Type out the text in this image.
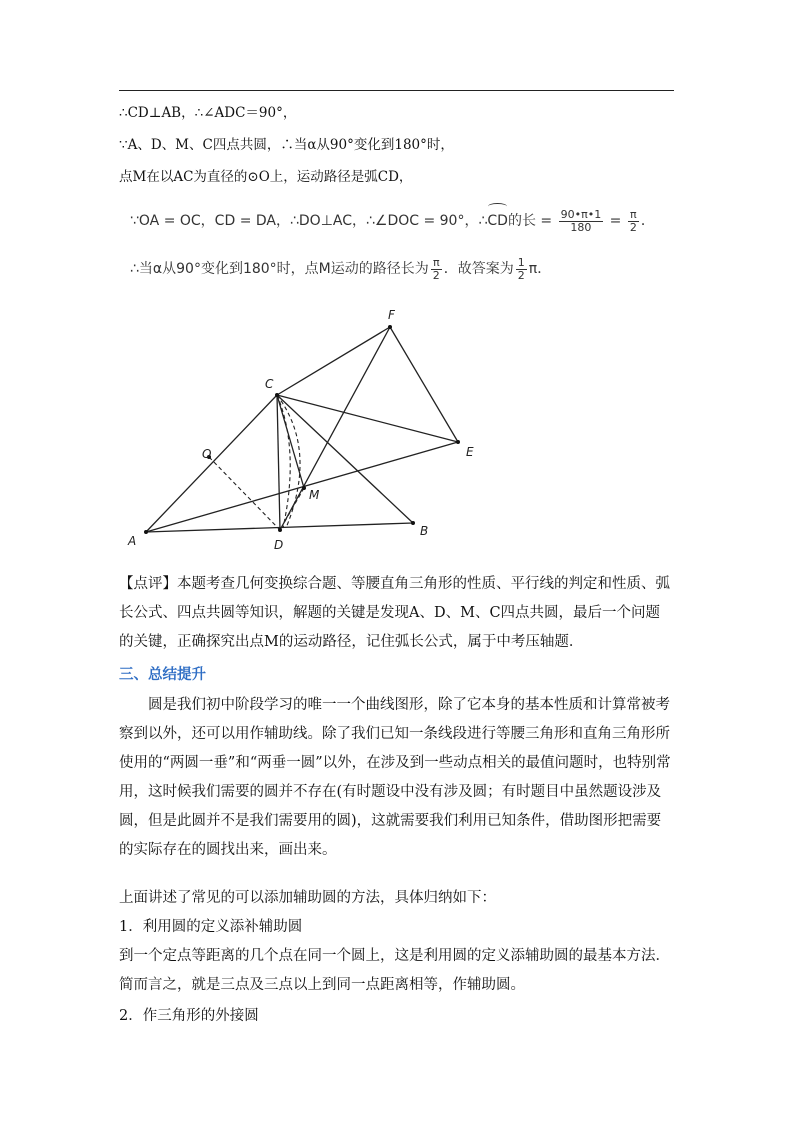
∴CD⊥AB，∴∠ADC＝90°，
∵A、D、M、C四点共圆，∴当α从90°变化到180°时，
点M在以AC为直径的⊙O上，运动路径是弧CD，
∵OA = OC，CD = DA，∴DO⊥AC，∴∠DOC = 90°，∴CD的长 = $\frac{90•\pi•1}{180} = \frac{\pi}{2}$ ．
∴当α从90°变化到180°时，点M运动的路径长为 $\frac{\pi}{2}$ ．故答案为 $\frac{1}{2}$ π．
A
B
C
D
E
F
O
M
【点评】本题考查几何变换综合题、等腰直角三角形的性质、平行线的判定和性质、弧长公式、四点共圆等知识，解题的关键是发现A、D、M、C四点共圆，最后一个问题的关键，正确探究出点M的运动路径，记住弧长公式，属于中考压轴题．
三、总结提升
圆是我们初中阶段学习的唯一一个曲线图形，除了它本身的基本性质和计算常被考察到以外，还可以用作辅助线。除了我们已知一条线段进行等腰三角形和直角三角形所使用的“两圆一垂”和“两垂一圆”以外，在涉及到一些动点相关的最值问题时，也特别常用，这时候我们需要的圆并不存在(有时题设中没有涉及圆；有时题目中虽然题设涉及圆，但是此圆并不是我们需要用的圆)，这就需要我们利用已知条件，借助图形把需要的实际存在的圆找出来，画出来。
上面讲述了常见的可以添加辅助圆的方法，具体归纳如下：
1．利用圆的定义添补辅助圆
到一个定点等距离的几个点在同一个圆上，这是利用圆的定义添辅助圆的最基本方法．简而言之，就是三点及三点以上到同一点距离相等，作辅助圆。
2．作三角形的外接圆
